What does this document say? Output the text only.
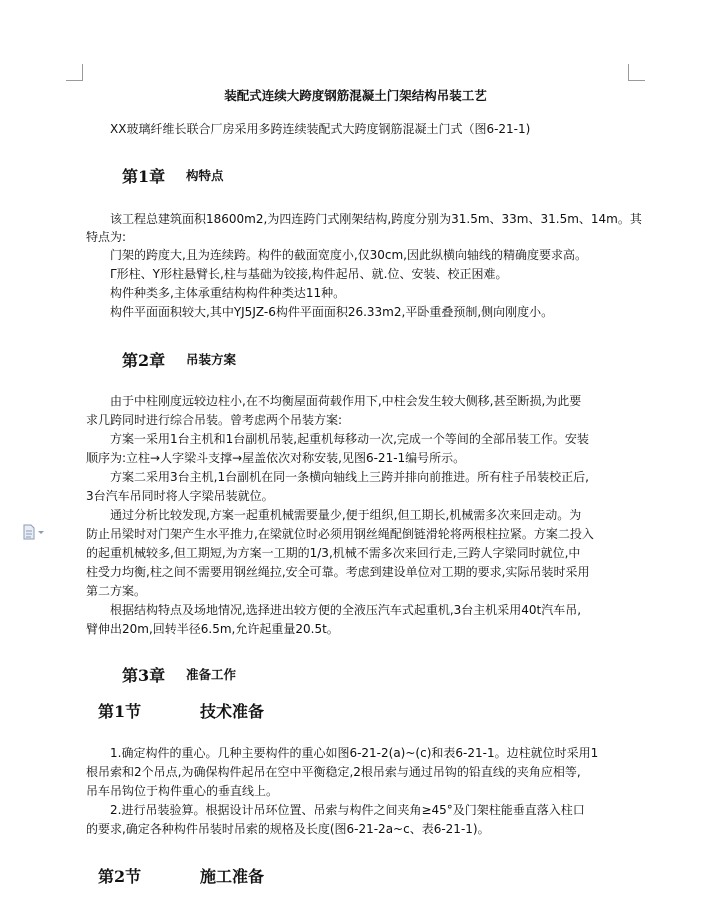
装配式连续大跨度钢筋混凝土门架结构吊装工艺

XX玻璃纤维长联合厂房采用多跨连续装配式大跨度钢筋混凝土门式（图6-21-1)

第1章 构特点

该工程总建筑面积18600m2,为四连跨门式刚架结构,跨度分别为31.5m、33m、31.5m、14m。其

特点为:

门架的跨度大,且为连续跨。构件的截面宽度小,仅30cm,因此纵横向轴线的精确度要求高。

Γ形柱、Y形柱悬臂长,柱与基础为铰接,构件起吊、就.位、安装、校正困难。

构件种类多,主体承重结构构件种类达11种。

构件平面面积较大,其中YJ5JZ-6构件平面面积26.33m2,平卧重叠预制,侧向刚度小。

第2章 吊装方案

由于中柱刚度远较边柱小,在不均衡屋面荷载作用下,中柱会发生较大侧移,甚至断损,为此要

求几跨同时进行综合吊装。曾考虑两个吊装方案:

方案一采用1台主机和1台副机吊装,起重机每移动一次,完成一个等间的全部吊装工作。安装

顺序为:立柱→人字梁斗支撑→屋盖依次对称安装,见图6-21-1编号所示。

方案二采用3台主机,1台副机在同一条横向轴线上三跨并排向前推进。所有柱子吊装校正后,

3台汽车吊同时将人字梁吊装就位。

通过分析比较发现,方案一起重机械需要量少,便于组织,但工期长,机械需多次来回走动。为

防止吊梁时对门架产生水平推力,在梁就位时必须用钢丝绳配倒链滑轮将两根柱拉紧。方案二投入

的起重机械较多,但工期短,为方案一工期的1/3,机械不需多次来回行走,三跨人字梁同时就位,中

柱受力均衡,柱之间不需要用钢丝绳拉,安全可靠。考虑到建设单位对工期的要求,实际吊装时采用

第二方案。

根据结构特点及场地情况,选择进出较方便的全液压汽车式起重机,3台主机采用40t汽车吊,

臂伸出20m,回转半径6.5m,允许起重量20.5t。

第3章 准备工作
第1节	技术准备

1.确定构件的重心。几种主要构件的重心如图6-21-2(a)~(c)和表6-21-1。边柱就位时采用1

根吊索和2个吊点,为确保构件起吊在空中平衡稳定,2根吊索与通过吊钩的铅直线的夹角应相等,

吊车吊钩位于构件重心的垂直线上。

2.进行吊装验算。根据设计吊环位置、吊索与构件之间夹角≥45°及门架柱能垂直落入柱口

的要求,确定各种构件吊装时吊索的规格及长度(图6-21-2a~c、表6-21-1)。

第2节	施工准备
